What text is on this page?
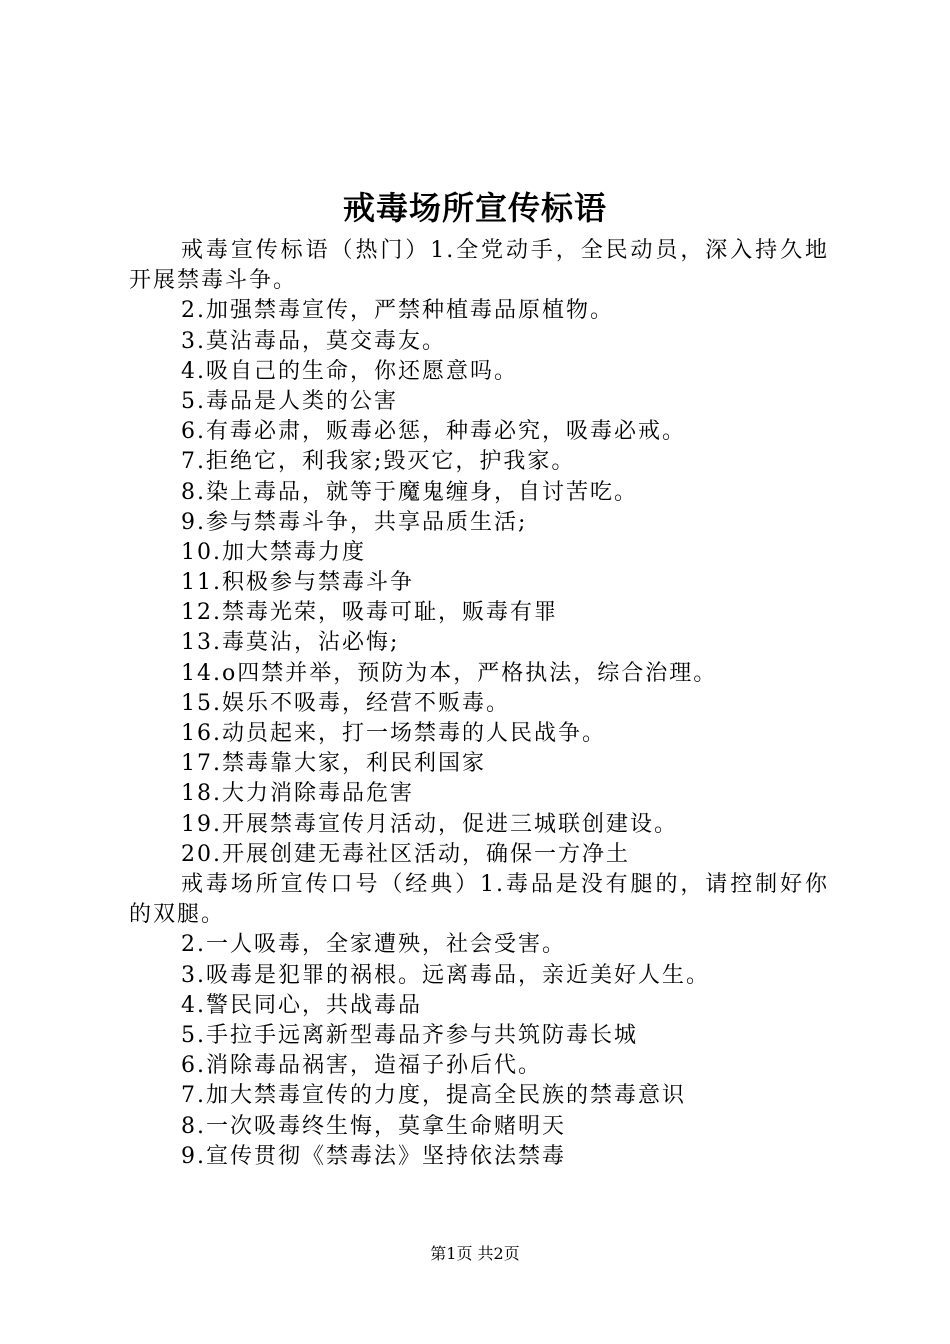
戒毒场所宣传标语
戒毒宣传标语（热门）1.全党动手，全民动员，深入持久地开展禁毒斗争。
2.加强禁毒宣传，严禁种植毒品原植物。
3.莫沾毒品，莫交毒友。
4.吸自己的生命，你还愿意吗。
5.毒品是人类的公害
6.有毒必肃，贩毒必惩，种毒必究，吸毒必戒。
7.拒绝它，利我家;毁灭它，护我家。
8.染上毒品，就等于魔鬼缠身，自讨苦吃。
9.参与禁毒斗争，共享品质生活;
10.加大禁毒力度
11.积极参与禁毒斗争
12.禁毒光荣，吸毒可耻，贩毒有罪
13.毒莫沾，沾必悔;
14.o四禁并举，预防为本，严格执法，综合治理。
15.娱乐不吸毒，经营不贩毒。
16.动员起来，打一场禁毒的人民战争。
17.禁毒靠大家，利民利国家
18.大力消除毒品危害
19.开展禁毒宣传月活动，促进三城联创建设。
20.开展创建无毒社区活动，确保一方净土
戒毒场所宣传口号（经典）1.毒品是没有腿的，请控制好你的双腿。
2.一人吸毒，全家遭殃，社会受害。
3.吸毒是犯罪的祸根。远离毒品，亲近美好人生。
4.警民同心，共战毒品
5.手拉手远离新型毒品齐参与共筑防毒长城
6.消除毒品祸害，造福子孙后代。
7.加大禁毒宣传的力度，提高全民族的禁毒意识
8.一次吸毒终生悔，莫拿生命赌明天
9.宣传贯彻《禁毒法》坚持依法禁毒
第1页 共2页
